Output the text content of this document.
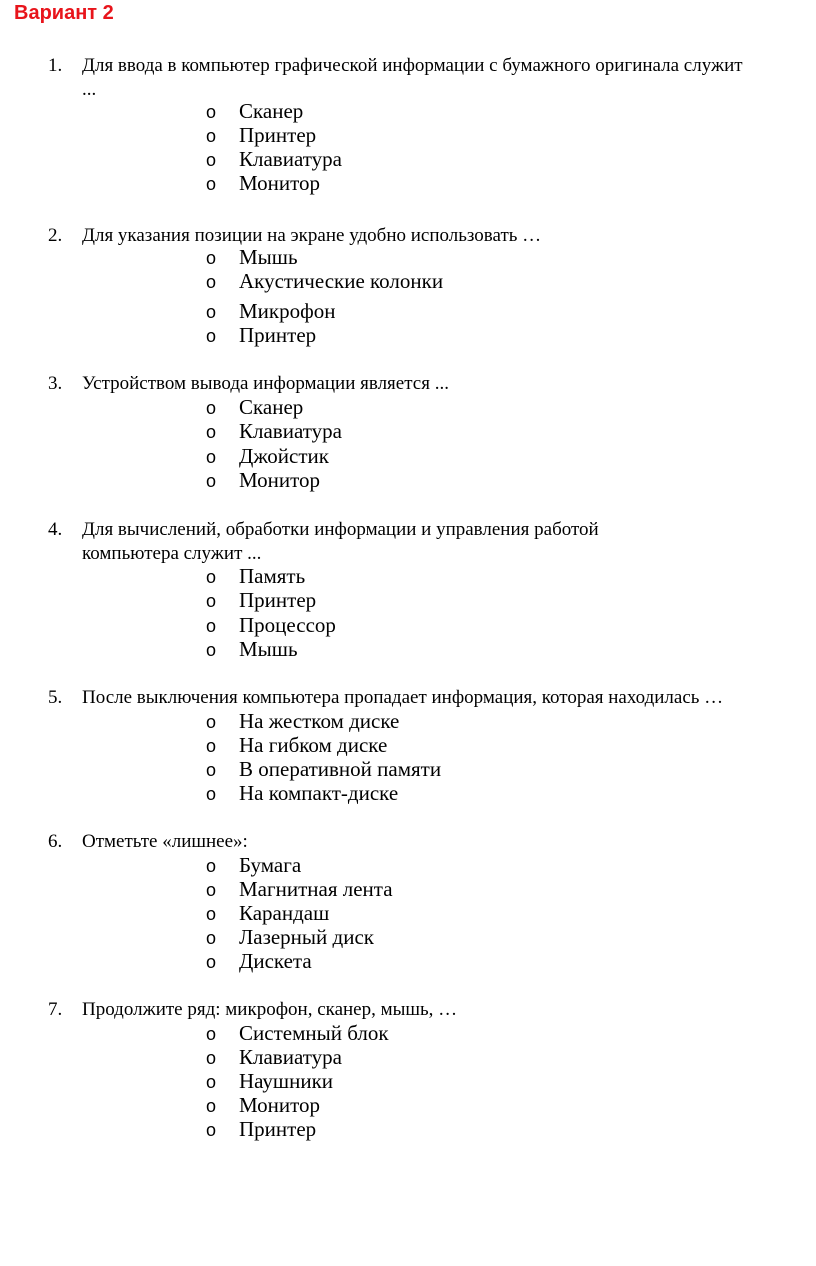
Вариант 2
1. Для ввода в компьютер графической информации с бумажного оригинала служит
...
o Сканер
o Принтер
o Клавиатура
o Монитор
2. Для указания позиции на экране удобно использовать …
o Мышь
o Акустические колонки
o Микрофон
o Принтер
3. Устройством вывода информации является ...
o Сканер
o Клавиатура
o Джойстик
o Монитор
4. Для вычислений, обработки информации и управления работой
компьютера служит ...
o Память
o Принтер
o Процессор
o Мышь
5. После выключения компьютера пропадает информация, которая находилась …
o На жестком диске
o На гибком диске
o В оперативной памяти
o На компакт-диске
6. Отметьте «лишнее»:
o Бумага
o Магнитная лента
o Карандаш
o Лазерный диск
o Дискета
7. Продолжите ряд: микрофон, сканер, мышь, …
o Системный блок
o Клавиатура
o Наушники
o Монитор
o Принтер
